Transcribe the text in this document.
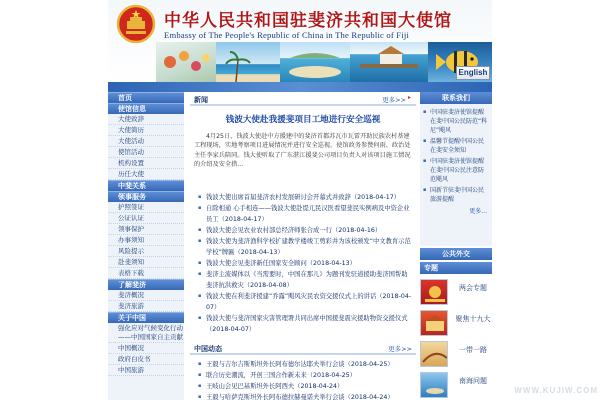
中华人民共和国驻斐济共和国大使馆
Embassy of The People's Republic of China in The Republic of Fiji
English
首页
使馆信息
大使致辞
大使简历
大使活动
使馆活动
机构设置
历任大使
中斐关系
领事服务
护照签证
公证认证
领事保护
办事须知
风险提示
赴斐须知
表格下载
了解斐济
斐济概况
斐济旅游
关于中国
强化应对气候变化行动——中国国家自主贡献
中国概况
政府白皮书
中国旅游
新闻	更多>> ▸
钱波大使赴我援斐项目工地进行安全巡视
4月25日，钱波大使赴中方援建中的斐济首都苏瓦市瓦雷开助民族农村基建工程现场，实地考察项目进展情况并进行安全巡视。使馆政务参赞何雨、政治处主任李家兵陪同。钱大使听取了广东湛江援斐公司项目负责人对该项目施工情况的介绍及安全措...
▪ 钱波大使出席首届斐济农村发展研讨会开幕式并致辞（2018-04-17）
▪ 自除相通 心手相连——钱波大使赴缇兀民汉医看望斐民实例病及中资企业员工（2018-04-17）
▪ 钱波大使会见农业农村部总经济师张合成一行（2018-04-16）
▪ 钱波大使为斐济渔科学校扩建教学楼竣工剪彩并为该校颁发“中文教育示范学校”牌匾（2018-04-13）
▪ 钱波大使会见斐济新任国家安全顾问（2018-04-13）
▪ 斐济主流媒体以《当需要时，中国在那儿》为题刊发驻道援助斐济国帮助斐济抗洪救灾（2018-04-08）
▪ 钱波大使在利斐济援建“乔露”飓风灾民农资交援仪式上的讲话（2018-04-07）
▪ 钱波大使与斐济国家灾害管理署共同出席中国援斐震灾援助物资交援仪式（2018-04-07）
中国动态	更多>>
▪ 王毅与吉尔吉斯斯坦外长阿布德尔达耶夫举行会谈（2018-04-25）
▪ 联合历史潮流，开创三国合作新未来（2018-04-25）
▪ 王岐山会见巴基斯坦外长阿西夫（2018-04-24）
▪ 王毅与哈萨克斯坦外长阿布德拉赫曼诺夫举行会谈（2018-04-24）
联系我们
▪ 中国驻斐济使馆提醒在斐中国公民防范“科尼”飓风
▪ 温馨节提醒中国公民在斐安全须知
▪ 中国驻斐济使馆提醒在斐中国公民注意防范飓风
▪ 国新节驻斐中国公民旅游提醒
更多...
公共外交
专题
两会专题
聚焦十九大
一带一路
南海问题
WWW.KUJIW.COM
